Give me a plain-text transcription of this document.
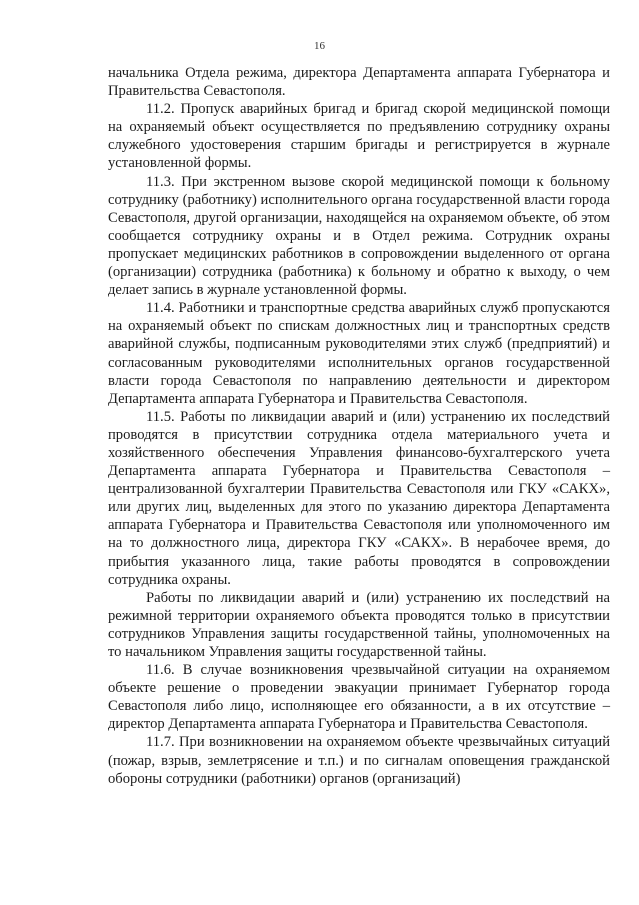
16

начальника Отдела режима, директора Департамента аппарата Губернатора и Правительства Севастополя.

11.2. Пропуск аварийных бригад и бригад скорой медицинской помощи на охраняемый объект осуществляется по предъявлению сотруднику охраны служебного удостоверения старшим бригады и регистрируется в журнале установленной формы.

11.3. При экстренном вызове скорой медицинской помощи к больному сотруднику (работнику) исполнительного органа государственной власти города Севастополя, другой организации, находящейся на охраняемом объекте, об этом сообщается сотруднику охраны и в Отдел режима. Сотрудник охраны пропускает медицинских работников в сопровождении выделенного от органа (организации) сотрудника (работника) к больному и обратно к выходу, о чем делает запись в журнале установленной формы.

11.4. Работники и транспортные средства аварийных служб пропускаются на охраняемый объект по спискам должностных лиц и транспортных средств аварийной службы, подписанным руководителями этих служб (предприятий) и согласованным руководителями исполнительных органов государственной власти города Севастополя по направлению деятельности и директором Департамента аппарата Губернатора и Правительства Севастополя.

11.5. Работы по ликвидации аварий и (или) устранению их последствий проводятся в присутствии сотрудника отдела материального учета и хозяйственного обеспечения Управления финансово-бухгалтерского учета Департамента аппарата Губернатора и Правительства Севастополя – централизованной бухгалтерии Правительства Севастополя или ГКУ «САКХ», или других лиц, выделенных для этого по указанию директора Департамента аппарата Губернатора и Правительства Севастополя или уполномоченного им на то должностного лица, директора ГКУ «САКХ». В нерабочее время, до прибытия указанного лица, такие работы проводятся в сопровождении сотрудника охраны.

Работы по ликвидации аварий и (или) устранению их последствий на режимной территории охраняемого объекта проводятся только в присутствии сотрудников Управления защиты государственной тайны, уполномоченных на то начальником Управления защиты государственной тайны.

11.6. В случае возникновения чрезвычайной ситуации на охраняемом объекте решение о проведении эвакуации принимает Губернатор города Севастополя либо лицо, исполняющее его обязанности, а в их отсутствие – директор Департамента аппарата Губернатора и Правительства Севастополя.

11.7. При возникновении на охраняемом объекте чрезвычайных ситуаций (пожар, взрыв, землетрясение и т.п.) и по сигналам оповещения гражданской обороны сотрудники (работники) органов (организаций)
